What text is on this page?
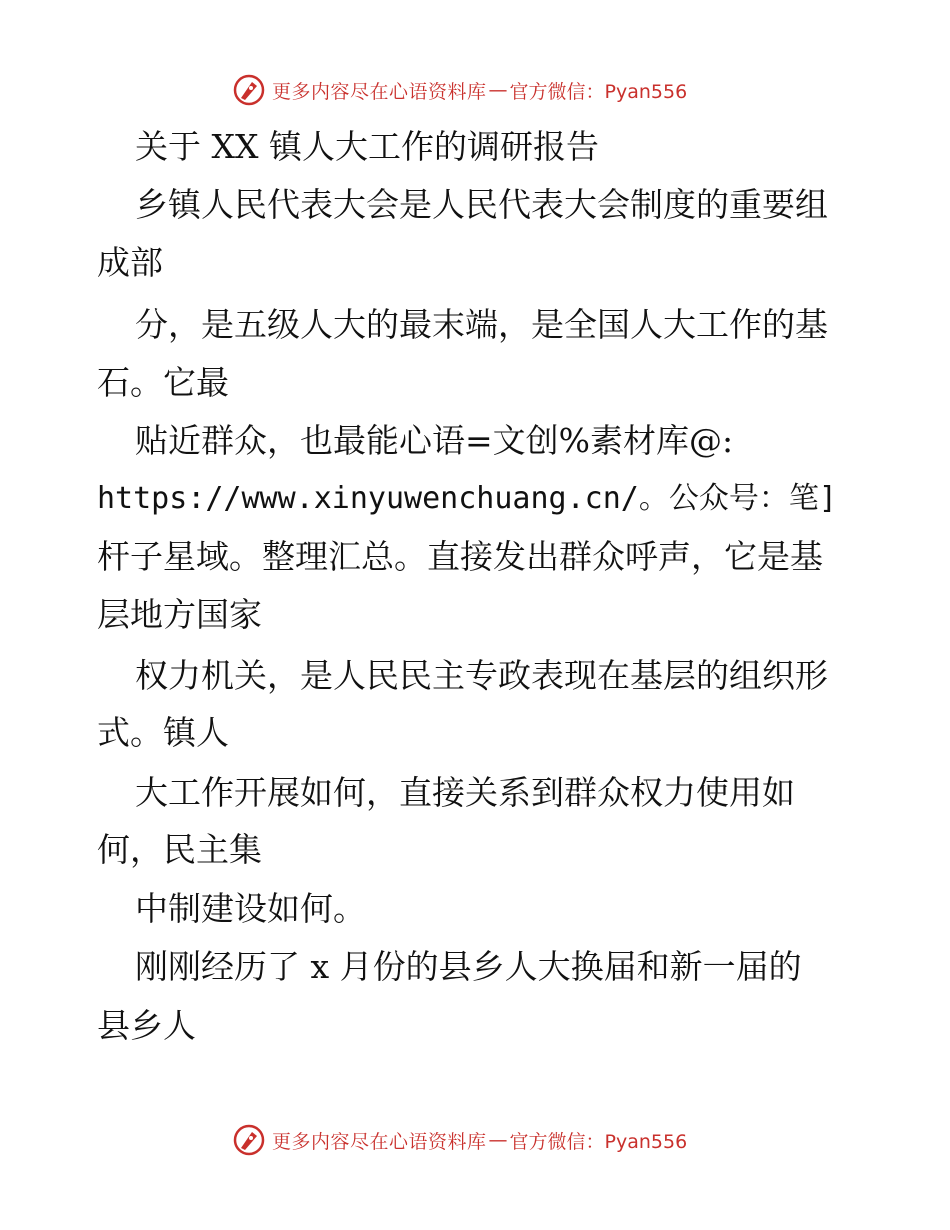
更多内容尽在心语资料库 — 官方微信：Pyan556
关于 XX 镇人大工作的调研报告
乡镇人民代表大会是人民代表大会制度的重要组
成部
分，是五级人大的最末端，是全国人大工作的基
石。它最
贴近群众，也最能心语=文创%素材库@:
https://www.xinyuwenchuang.cn/。公众号：笔]
杆子星域。整理汇总。直接发出群众呼声，它是基
层地方国家
权力机关，是人民民主专政表现在基层的组织形
式。镇人
大工作开展如何，直接关系到群众权力使用如
何，民主集
中制建设如何。
刚刚经历了 x 月份的县乡人大换届和新一届的
县乡人
更多内容尽在心语资料库 — 官方微信：Pyan556
